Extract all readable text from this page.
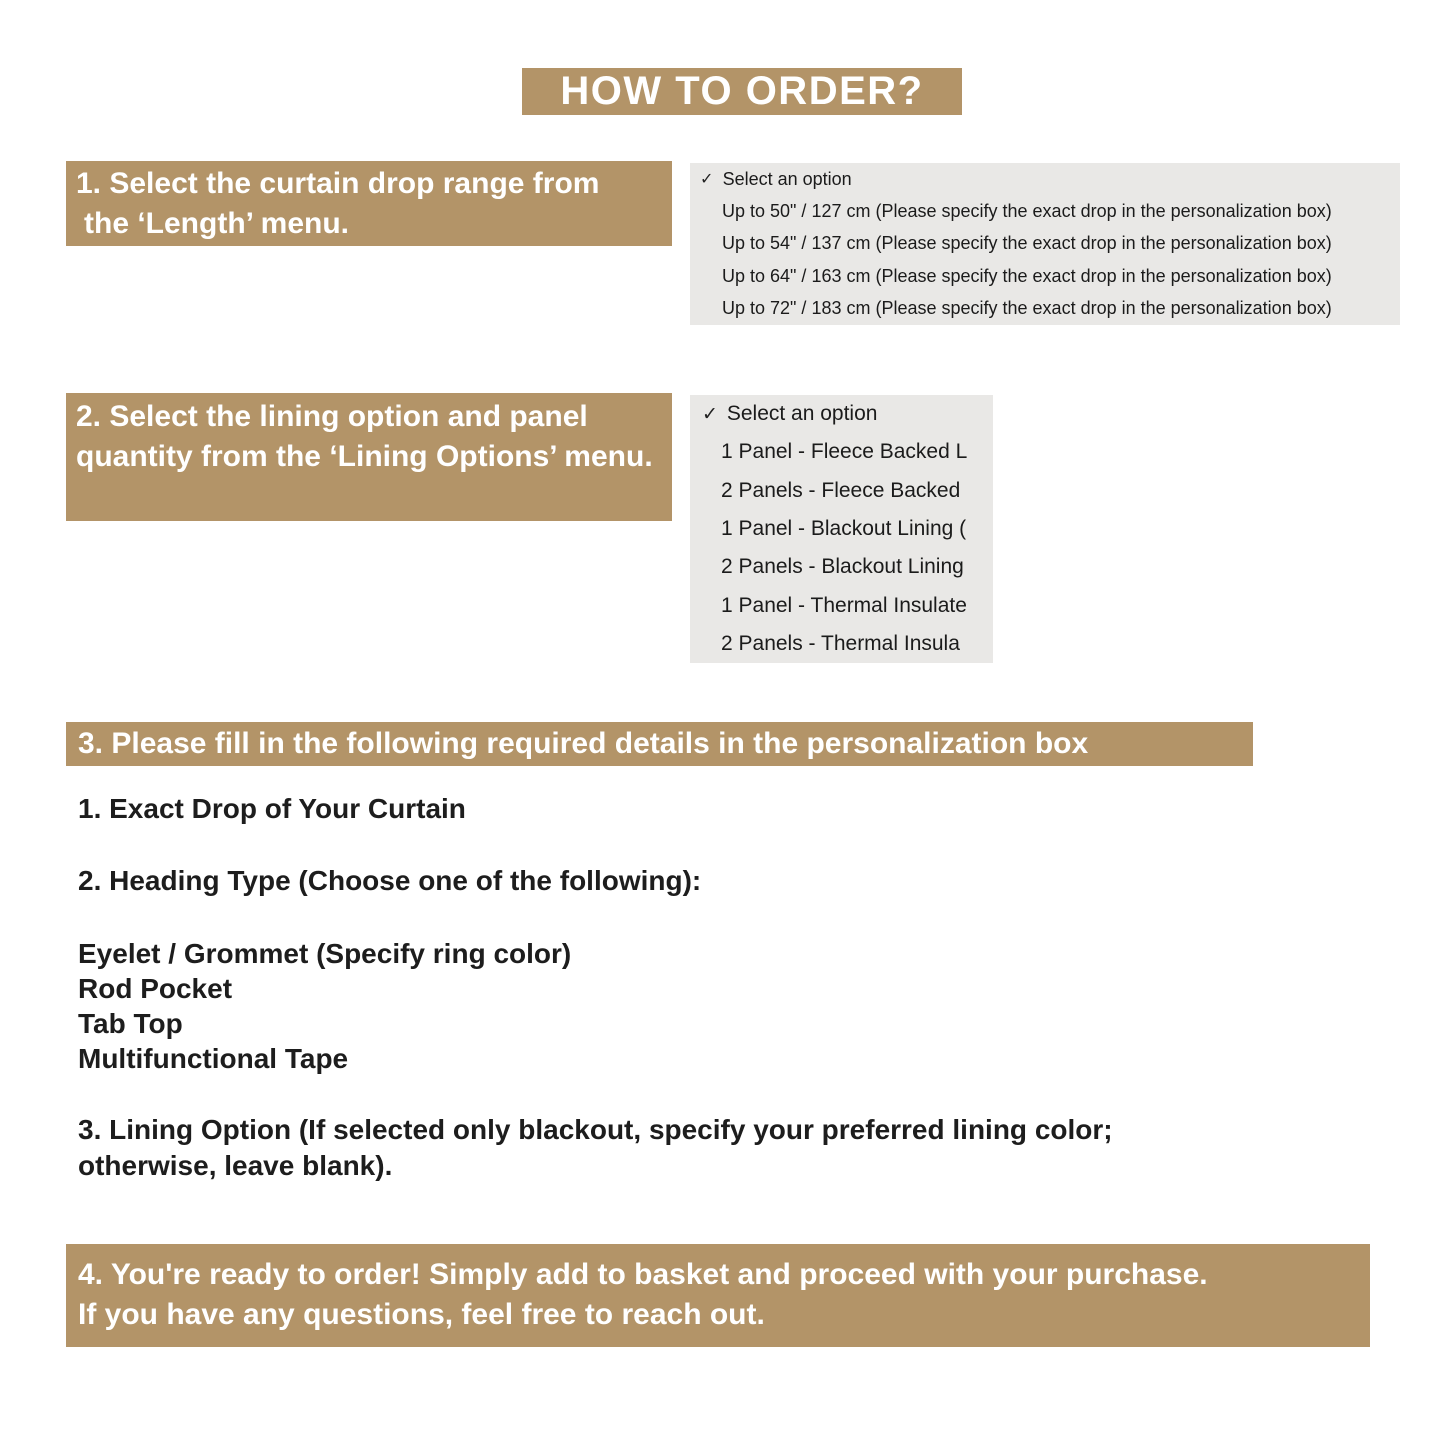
HOW TO ORDER?
1. Select the curtain drop range from
the ‘Length’ menu.
✓ Select an option
Up to 50" / 127 cm (Please specify the exact drop in the personalization box)
Up to 54" / 137 cm (Please specify the exact drop in the personalization box)
Up to 64" / 163 cm (Please specify the exact drop in the personalization box)
Up to 72" / 183 cm (Please specify the exact drop in the personalization box)
2. Select the lining option and panel quantity from the ‘Lining Options’ menu.
✓ Select an option
1 Panel - Fleece Backed L
2 Panels - Fleece Backed
1 Panel - Blackout Lining (
2 Panels - Blackout Lining
1 Panel - Thermal Insulate
2 Panels - Thermal Insula
3. Please fill in the following required details in the personalization box

1. Exact Drop of Your Curtain

2. Heading Type (Choose one of the following):

Eyelet / Grommet (Specify ring color)
Rod Pocket
Tab Top
Multifunctional Tape

3. Lining Option (If selected only blackout, specify your preferred lining color;
otherwise, leave blank).

4. You're ready to order! Simply add to basket and proceed with your purchase.
If you have any questions, feel free to reach out.
